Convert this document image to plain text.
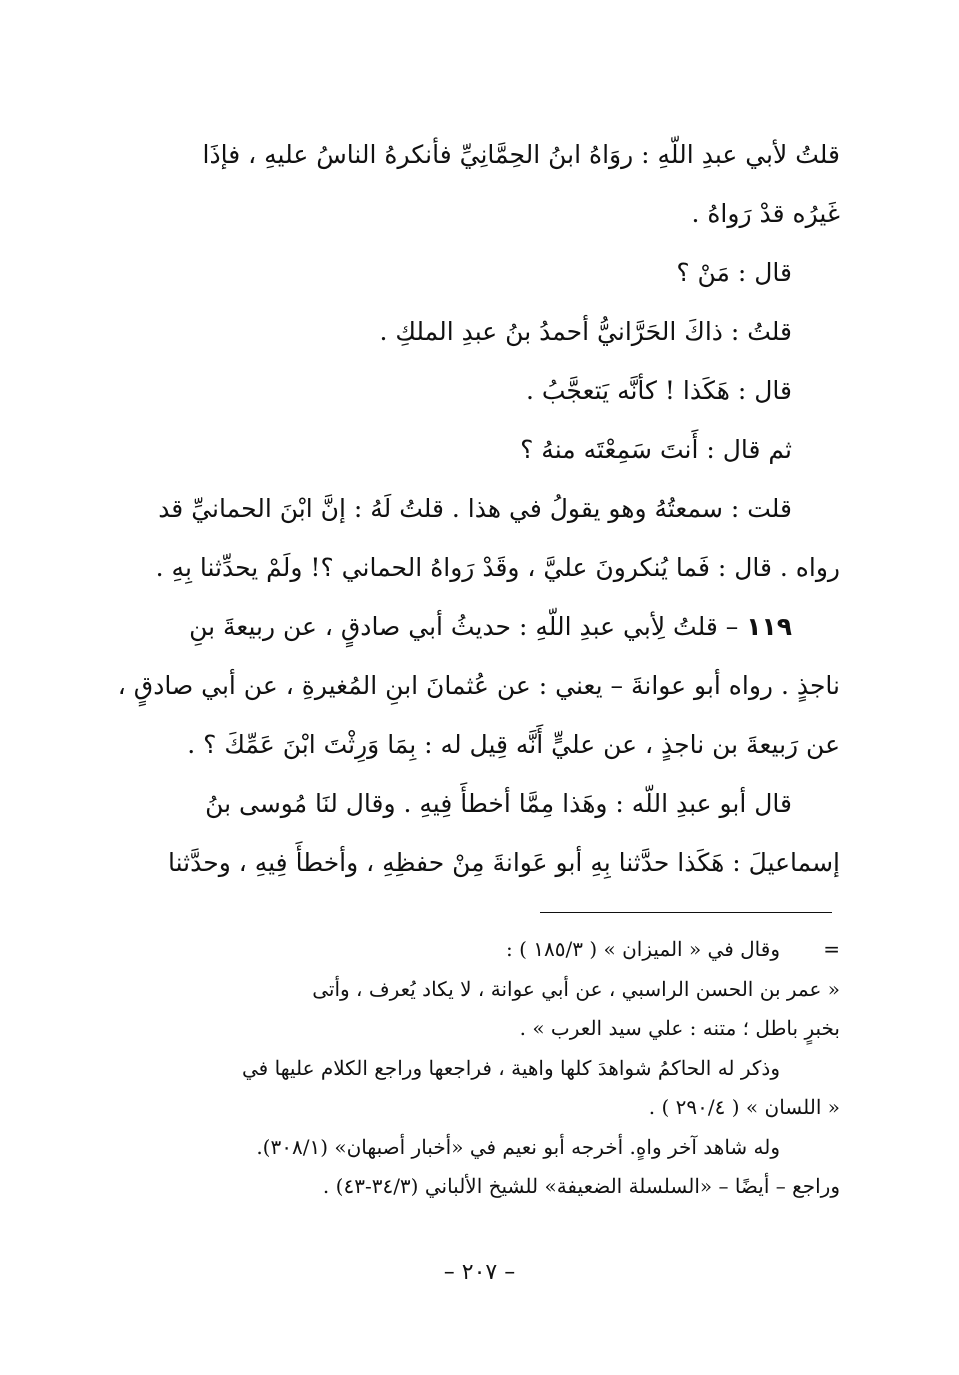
قلتُ لأبي عبدِ اللّهِ : روَاهُ ابنُ الحِمَّانِيِّ فأنكرهُ الناسُ عليهِ ، فإذَا

غَيرُه قدْ رَواهُ .

قال : مَنْ ؟

قلتُ : ذاكَ الحَرَّانيُّ أحمدُ بنُ عبدِ الملكِ .

قال : هَكَذا ! كأنَّه يَتعجَّبُ .

ثم قال : أَنتَ سَمِعْتَه منهُ ؟

قلت : سمعتُهُ وهو يقولُ في هذا . قلتُ لَهُ : إنَّ ابْنَ الحمانيِّ قد

رواه . قال : فَما يُنكرونَ عليَّ ، وقَدْ رَواهُ الحماني ؟! ولَمْ يحدِّثنا بِهِ .

١١٩ – قلتُ لِأبي عبدِ اللّهِ : حديثُ أبي صادقٍ ، عن ربيعةَ بنِ

ناجذٍ . رواه أبو عوانةَ – يعني : عن عُثمانَ ابنِ المُغيرةِ ، عن أبي صادقٍ ،

عن رَبيعةَ بن ناجذٍ ، عن عليٍّ أَنَّه قِيل له : بِمَا وَرِثْتَ ابْنَ عَمِّكَ ؟ .

قال أبو عبدِ اللّه : وهَذا مِمَّا أخطأَ فِيهِ . وقال لنَا مُوسى بنُ

إسماعيلَ : هَكَذا حدَّثنا بِهِ أبو عَوانةَ مِنْ حفظِهِ ، وأخطأَ فِيهِ ، وحدَّثنا

=

وقال في « الميزان » ( ١٨٥/٣ ) :

« عمر بن الحسن الراسبي ، عن أبي عوانة ، لا يكاد يُعرف ، وأتى

بخبرٍ باطل ؛ متنه : علي سيد العرب » .

وذكر له الحاكمُ شواهدَ كلها واهية ، فراجعها وراجع الكلام عليها في

« اللسان » ( ٢٩٠/٤ ) .

وله شاهد آخر واهٍ. أخرجه أبو نعيم في «أخبار أصبهان» (٣٠٨/١).

وراجع – أيضًا – «السلسلة الضعيفة» للشيخ الألباني (٣٤/٣-٤٣) .

– ٢٠٧ –
